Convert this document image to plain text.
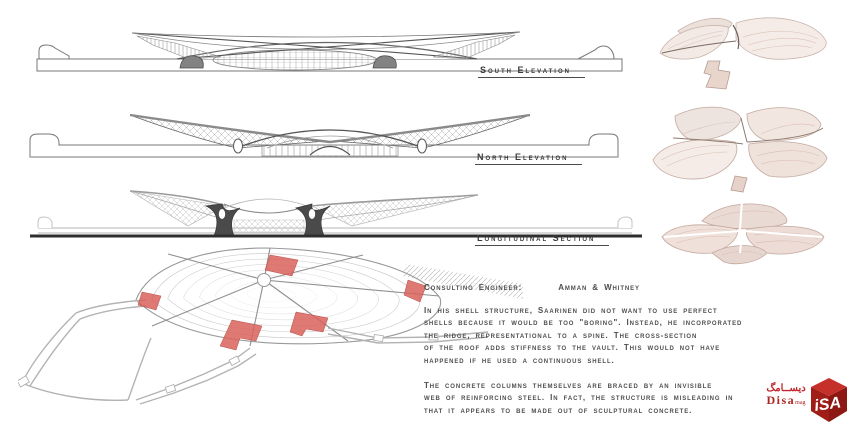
South Elevation
North Elevation
Longitudinal Section
Consulting Engineer:	Amman & Whitney
In his shell structure, Saarinen did not want to use perfect
shells because it would be too "boring". Instead, he incorporated
the ridge, representational to a spine. The cross-section
of the roof adds stiffness to the vault. This would not have
happened if he used a continuous shell.
The concrete columns themselves are braced by an invisible
web of reinforcing steel. In fact, the structure is misleading in
that it appears to be made out of sculptural concrete.
ديســامگ
Disamag iSA
